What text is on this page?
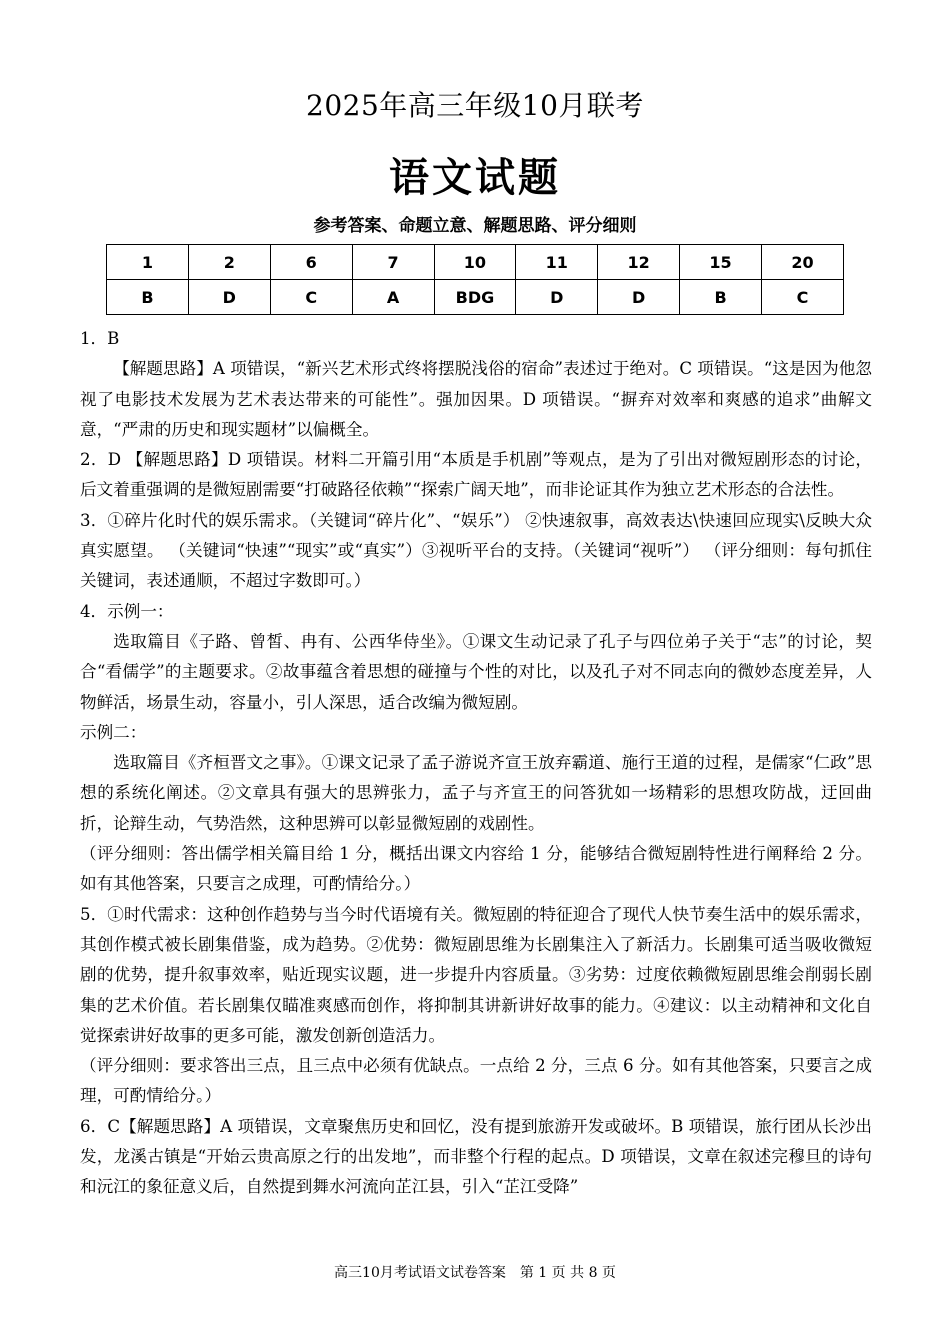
2025年高三年级10月联考
语文试题
参考答案、命题立意、解题思路、评分细则
1	2	6	7	10	11	12	15	20
B	D	C	A	BDG	D	D	B	C

1．B

【解题思路】A 项错误，“新兴艺术形式终将摆脱浅俗的宿命”表述过于绝对。C 项错误。“这是因为他忽视了电影技术发展为艺术表达带来的可能性”。强加因果。D 项错误。“摒弃对效率和爽感的追求”曲解文意，“严肃的历史和现实题材”以偏概全。

2．D 【解题思路】D 项错误。材料二开篇引用“本质是手机剧”等观点，是为了引出对微短剧形态的讨论，后文着重强调的是微短剧需要“打破路径依赖”“探索广阔天地”，而非论证其作为独立艺术形态的合法性。

3．①碎片化时代的娱乐需求。（关键词“碎片化”、“娱乐”） ②快速叙事，高效表达\快速回应现实\反映大众真实愿望。 （关键词“快速”“现实”或“真实”）③视听平台的支持。（关键词“视听”） （评分细则：每句抓住关键词，表述通顺，不超过字数即可。）

4．示例一：

选取篇目《子路、曾皙、冉有、公西华侍坐》。①课文生动记录了孔子与四位弟子关于“志”的讨论，契合“看儒学”的主题要求。②故事蕴含着思想的碰撞与个性的对比，以及孔子对不同志向的微妙态度差异，人物鲜活，场景生动，容量小，引人深思，适合改编为微短剧。

示例二：

选取篇目《齐桓晋文之事》。①课文记录了孟子游说齐宣王放弃霸道、施行王道的过程，是儒家“仁政”思想的系统化阐述。②文章具有强大的思辨张力，孟子与齐宣王的问答犹如一场精彩的思想攻防战，迂回曲折，论辩生动，气势浩然，这种思辨可以彰显微短剧的戏剧性。

（评分细则：答出儒学相关篇目给 1 分，概括出课文内容给 1 分，能够结合微短剧特性进行阐释给 2 分。如有其他答案，只要言之成理，可酌情给分。）

5．①时代需求：这种创作趋势与当今时代语境有关。微短剧的特征迎合了现代人快节奏生活中的娱乐需求，其创作模式被长剧集借鉴，成为趋势。②优势：微短剧思维为长剧集注入了新活力。长剧集可适当吸收微短剧的优势，提升叙事效率，贴近现实议题，进一步提升内容质量。③劣势：过度依赖微短剧思维会削弱长剧集的艺术价值。若长剧集仅瞄准爽感而创作，将抑制其讲新讲好故事的能力。④建议：以主动精神和文化自觉探索讲好故事的更多可能，激发创新创造活力。

（评分细则：要求答出三点，且三点中必须有优缺点。一点给 2 分，三点 6 分。如有其他答案，只要言之成理，可酌情给分。）

6．C【解题思路】A 项错误，文章聚焦历史和回忆，没有提到旅游开发或破坏。B 项错误，旅行团从长沙出发，龙溪古镇是“开始云贵高原之行的出发地”，而非整个行程的起点。D 项错误，文章在叙述完穆旦的诗句和沅江的象征意义后，自然提到舞水河流向芷江县，引入“芷江受降”

高三10月考试语文试卷答案　第 1 页 共 8 页
